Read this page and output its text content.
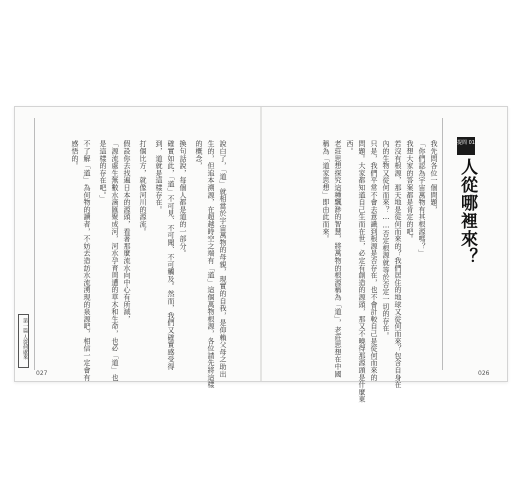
提問 01
人從哪裡來？
我先問各位一個問題，
「你們認為宇宙萬物有其根源嗎？」
我想大家的答案都是肯定的吧。
若沒有根源，那天地是從何而來的？我們居住的地球又從何而來？包含自身在
內的生物又從何而來？……否定根源就等於否定一切的存在。
只是，我們平常不會去意識到根源是否存在，也不會計較自己是從何而來的
問題。大家都知道自己生而在世，必定有創造的源頭，那又不曉得那源頭是什麼東
西。
老莊思想探究這種飄渺的智慧，將萬物的根源稱為「道」，老莊思想在中國
稱為「道家思想」即由此而來。
026
第一篇 人從何處來	說白了，「道」就相當於宇宙萬物的母親，現實的自我，是仰賴父母之助出
生的，但追本溯源，在超越時空之端有「道」這個萬物根源，各位請先將這樣
的概念，
換句話說，每個人都是道的一部分。
確實如此，「道」不可見、不可聞、不可觸及。然而，我們又確實感受得
到，道就是這樣存在。
打個比方，就像河川的源流。
假設你去找遍日本的源頭，看著那麼流水向中心有所減，
「源流處生無數水滴匯聚成河，河水孕育周遭的草木和生命，也必「道」也
是這樣的存在吧。」
不了解「道」為何物的讀者，不妨去造訪水流湧現的泉源吧，相信一定會有
感悟的。
027
